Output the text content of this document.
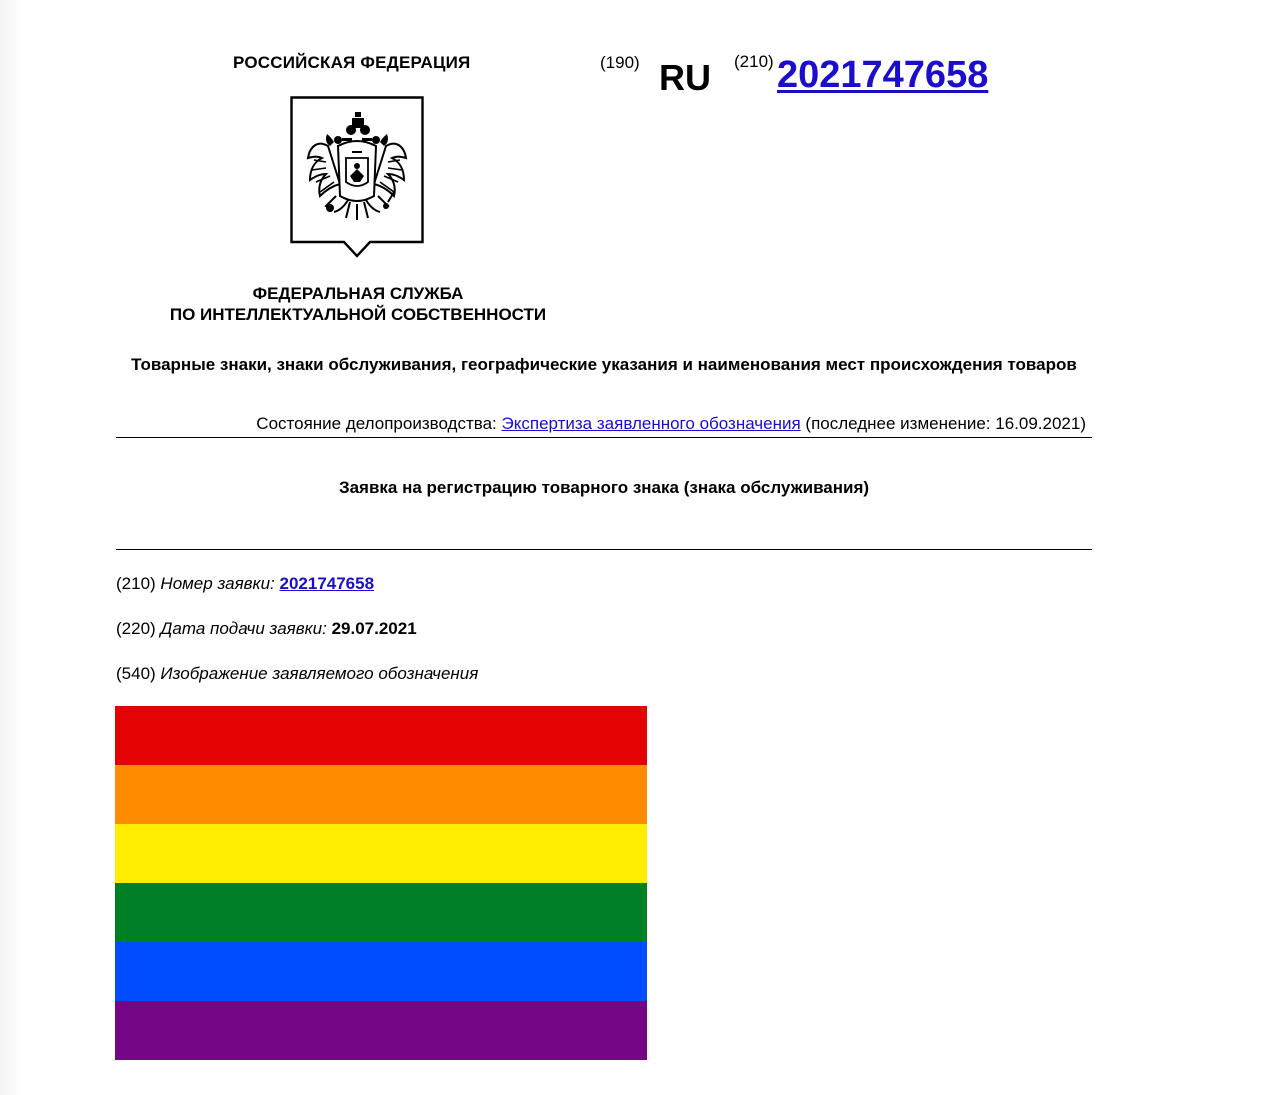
РОССИЙСКАЯ ФЕДЕРАЦИЯ	(190) RU (210) 2021747658
ФЕДЕРАЛЬНАЯ СЛУЖБА
ПО ИНТЕЛЛЕКТУАЛЬНОЙ СОБСТВЕННОСТИ
Товарные знаки, знаки обслуживания, географические указания и наименования мест происхождения товаров
Состояние делопроизводства: Экспертиза заявленного обозначения (последнее изменение: 16.09.2021)
Заявка на регистрацию товарного знака (знака обслуживания)
(210) Номер заявки: 2021747658
(220) Дата подачи заявки: 29.07.2021
(540) Изображение заявляемого обозначения
